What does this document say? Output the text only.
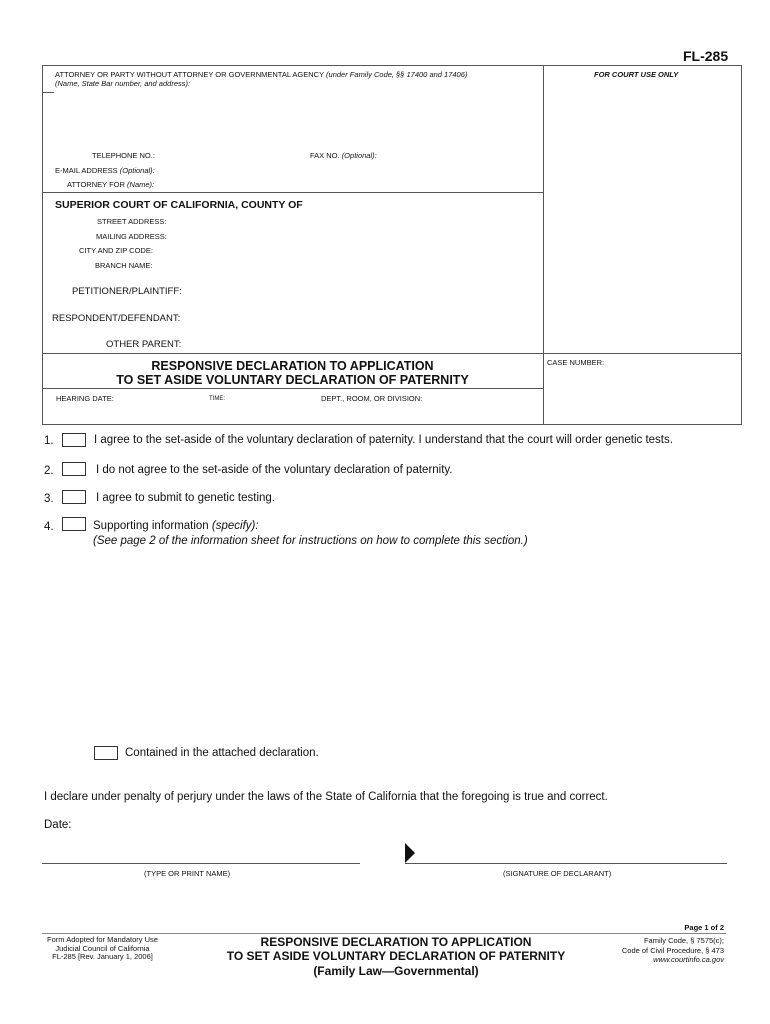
FL-285
ATTORNEY OR PARTY WITHOUT ATTORNEY OR GOVERNMENTAL AGENCY (under Family Code, §§ 17400 and 17406)
(Name, State Bar number, and address):
FOR COURT USE ONLY
TELEPHONE NO.:	FAX NO. (Optional):
E-MAIL ADDRESS (Optional):
ATTORNEY FOR (Name):
SUPERIOR COURT OF CALIFORNIA, COUNTY OF
STREET ADDRESS:
MAILING ADDRESS:
CITY AND ZIP CODE:
BRANCH NAME:
PETITIONER/PLAINTIFF:
RESPONDENT/DEFENDANT:
OTHER PARENT:
RESPONSIVE DECLARATION TO APPLICATION
TO SET ASIDE VOLUNTARY DECLARATION OF PATERNITY
CASE NUMBER:
HEARING DATE:	TIME:	DEPT., ROOM, OR DIVISION:
1.	I agree to the set-aside of the voluntary declaration of paternity. I understand that the court will order genetic tests.
2.	I do not agree to the set-aside of the voluntary declaration of paternity.
3.	I agree to submit to genetic testing.
4.	Supporting information (specify):
(See page 2 of the information sheet for instructions on how to complete this section.)
Contained in the attached declaration.
I declare under penalty of perjury under the laws of the State of California that the foregoing is true and correct.
Date:
(TYPE OR PRINT NAME)	(SIGNATURE OF DECLARANT)
Page 1 of 2
Form Adopted for Mandatory Use
Judicial Council of California
FL-285 [Rev. January 1, 2006]
RESPONSIVE DECLARATION TO APPLICATION
TO SET ASIDE VOLUNTARY DECLARATION OF PATERNITY
(Family Law—Governmental)
Family Code, § 7575(c);
Code of Civil Procedure, § 473
www.courtinfo.ca.gov
